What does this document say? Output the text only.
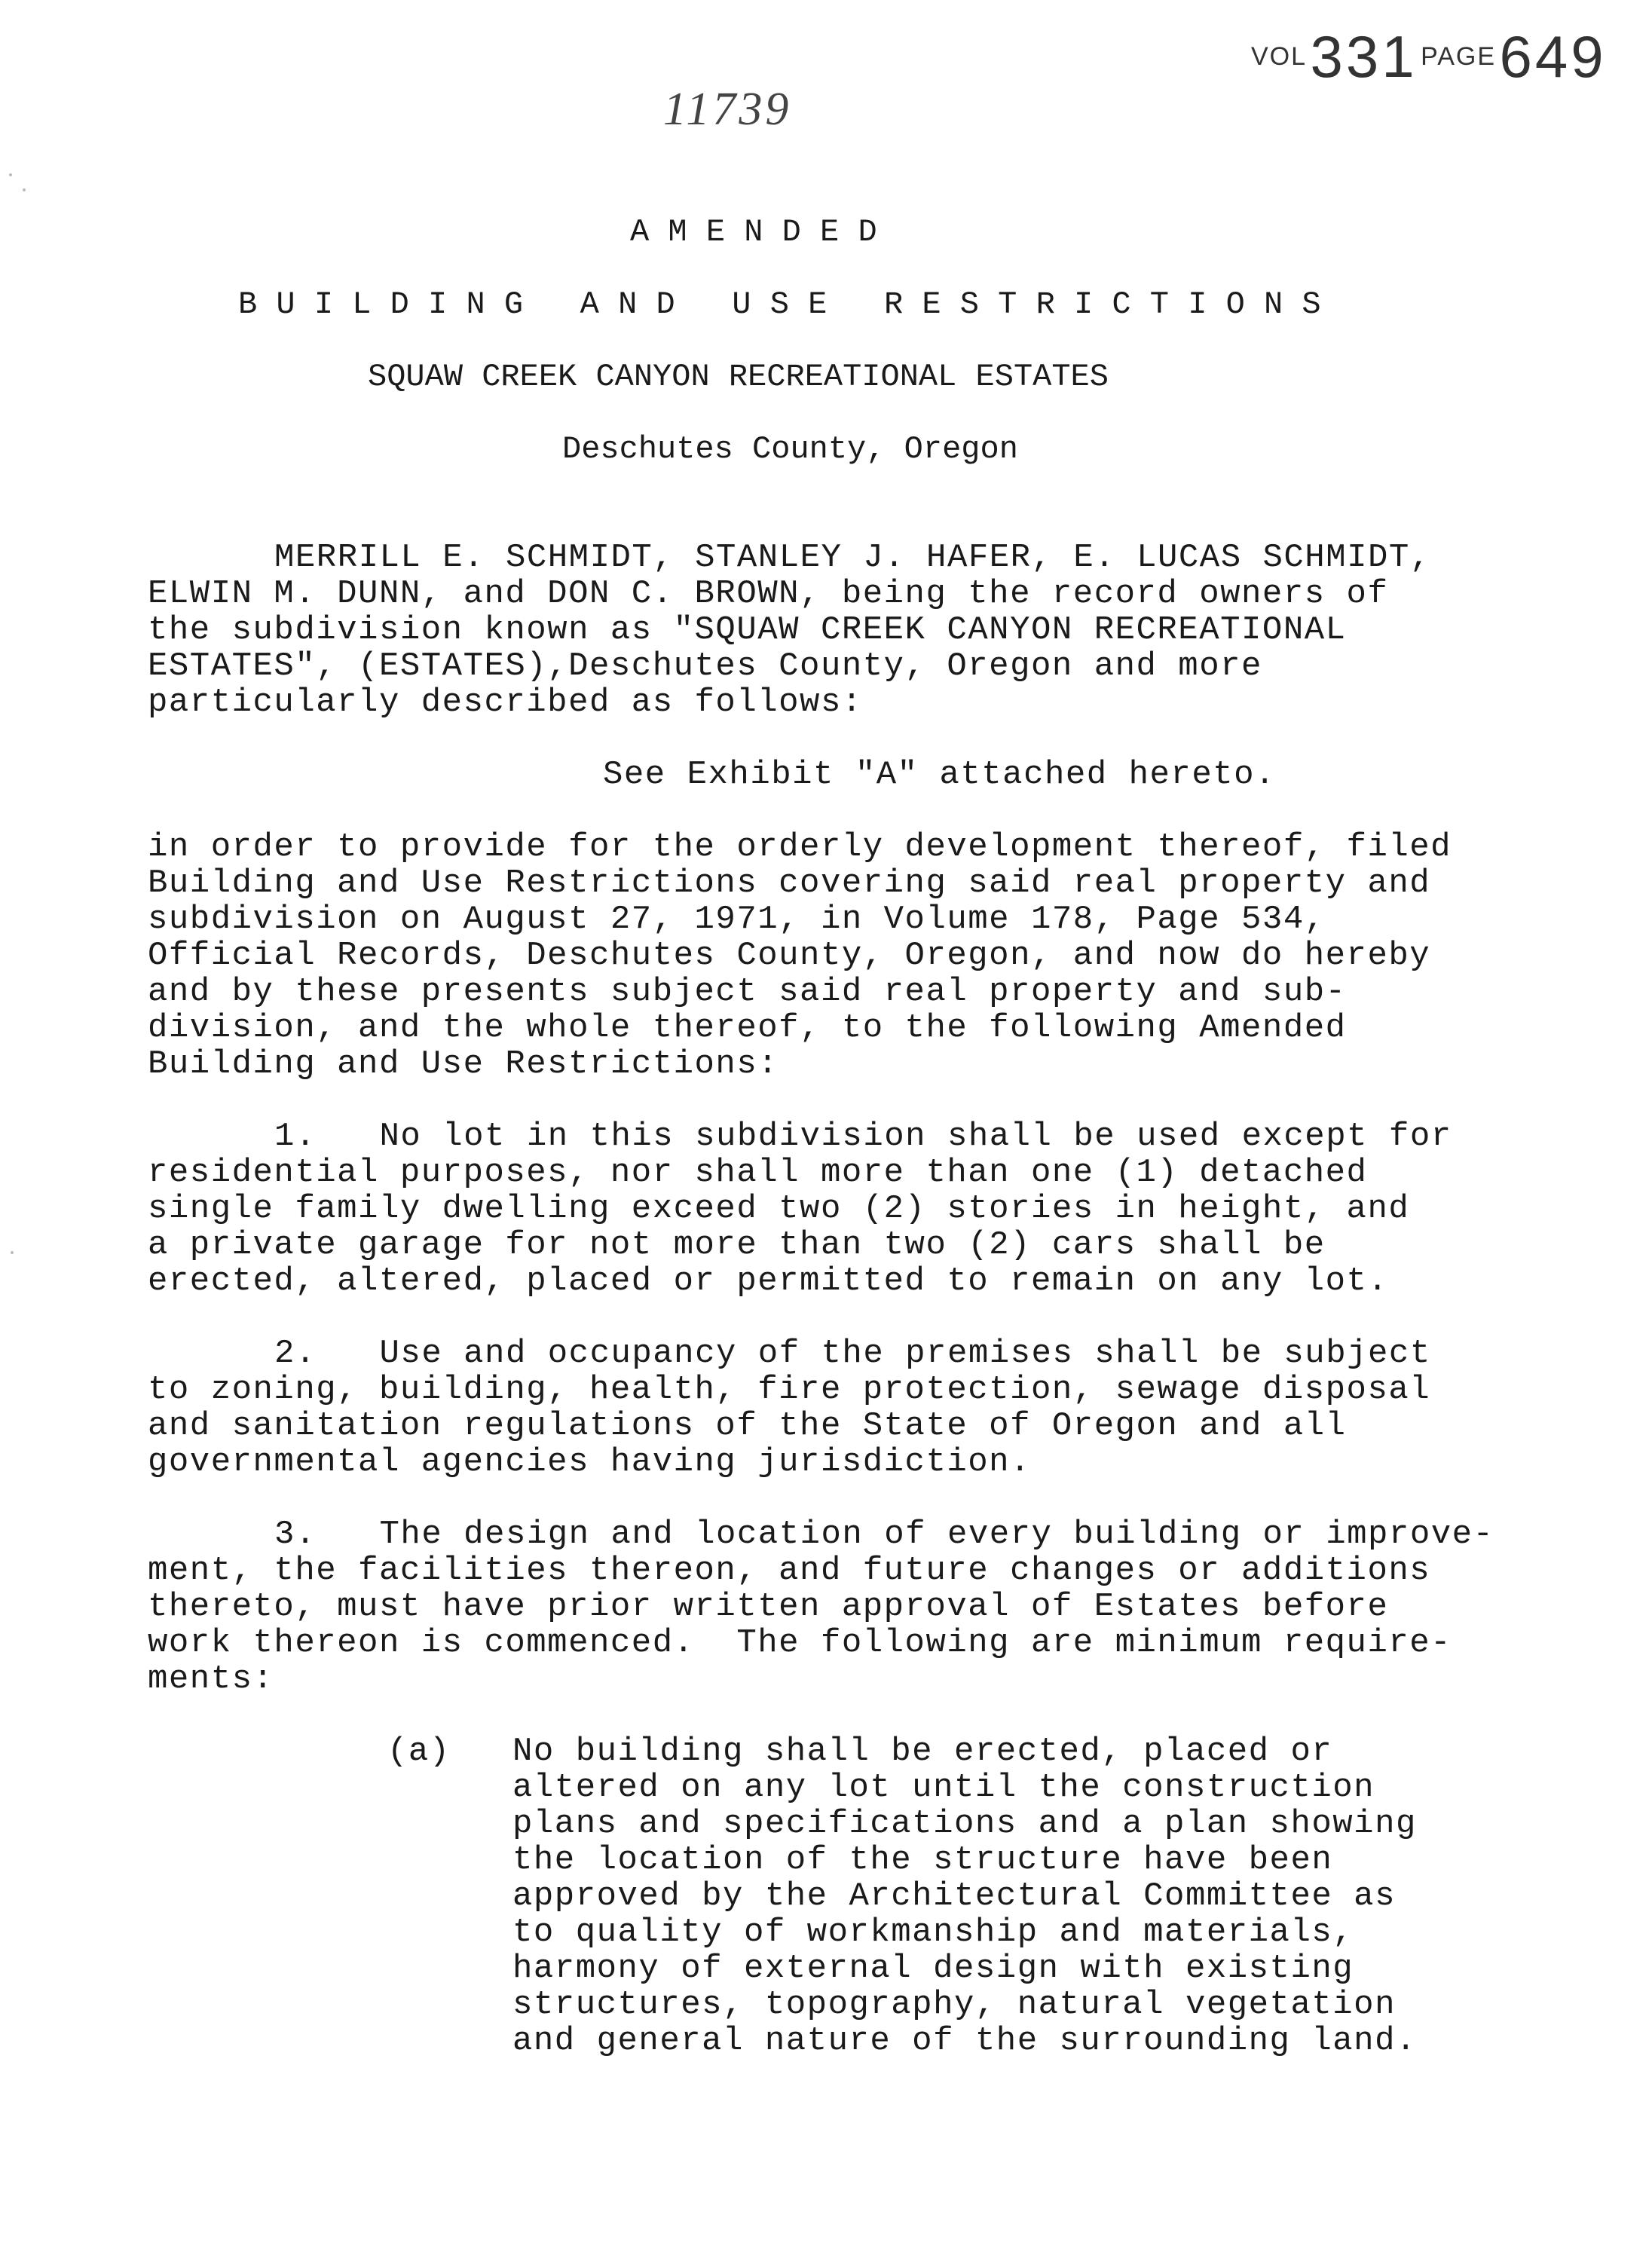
VOL 331 PAGE 649
11739
A M E N D E D
B U I L D I N G   A N D   U S E   R E S T R I C T I O N S
SQUAW CREEK CANYON RECREATIONAL ESTATES
Deschutes County, Oregon
MERRILL E. SCHMIDT, STANLEY J. HAFER, E. LUCAS SCHMIDT,
ELWIN M. DUNN, and DON C. BROWN, being the record owners of
the subdivision known as "SQUAW CREEK CANYON RECREATIONAL
ESTATES", (ESTATES),Deschutes County, Oregon and more
particularly described as follows:
See Exhibit "A" attached hereto.
in order to provide for the orderly development thereof, filed
Building and Use Restrictions covering said real property and
subdivision on August 27, 1971, in Volume 178, Page 534,
Official Records, Deschutes County, Oregon, and now do hereby
and by these presents subject said real property and sub-
division, and the whole thereof, to the following Amended
Building and Use Restrictions:
1.   No lot in this subdivision shall be used except for
residential purposes, nor shall more than one (1) detached
single family dwelling exceed two (2) stories in height, and
a private garage for not more than two (2) cars shall be
erected, altered, placed or permitted to remain on any lot.
2.   Use and occupancy of the premises shall be subject
to zoning, building, health, fire protection, sewage disposal
and sanitation regulations of the State of Oregon and all
governmental agencies having jurisdiction.
3.   The design and location of every building or improve-
ment, the facilities thereon, and future changes or additions
thereto, must have prior written approval of Estates before
work thereon is commenced.  The following are minimum require-
ments:
(a) No building shall be erected, placed or
altered on any lot until the construction
plans and specifications and a plan showing
the location of the structure have been
approved by the Architectural Committee as
to quality of workmanship and materials,
harmony of external design with existing
structures, topography, natural vegetation
and general nature of the surrounding land.
